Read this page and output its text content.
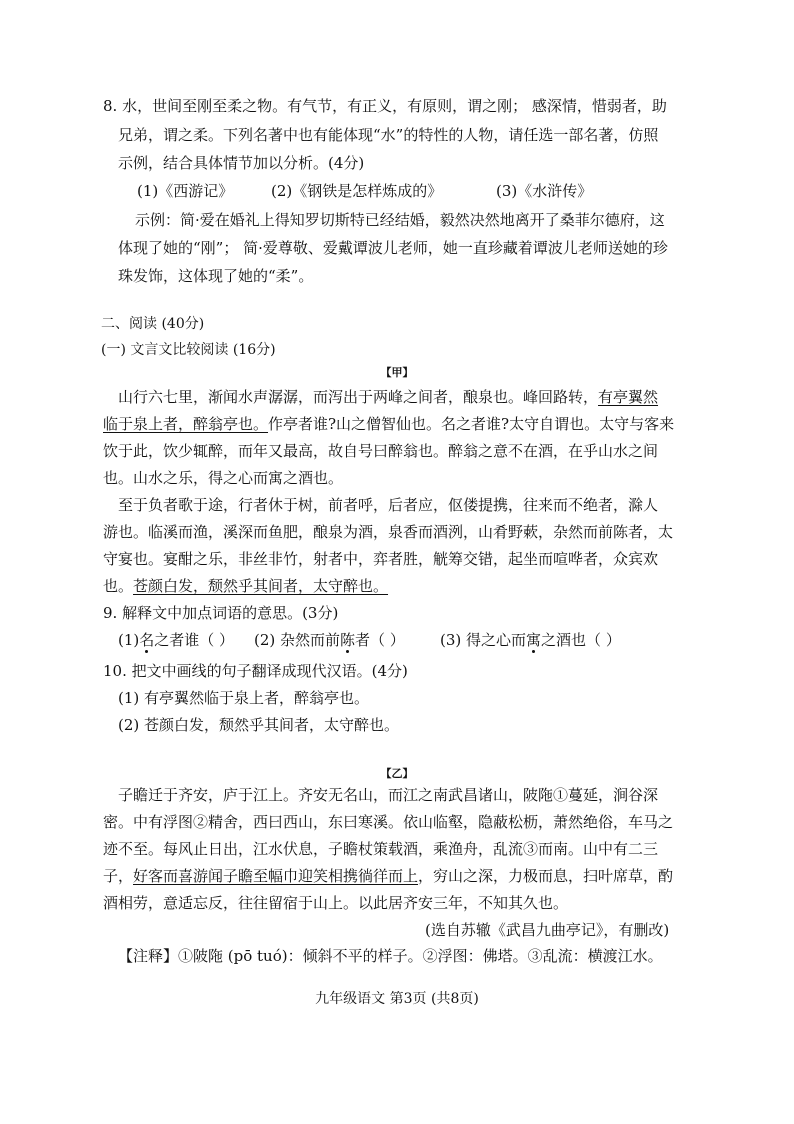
8. 水，世间至刚至柔之物。有气节，有正义，有原则，谓之刚； 感深情，惜弱者，助
兄弟，谓之柔。下列名著中也有能体现“水”的特性的人物，请任选一部名著，仿照
示例，结合具体情节加以分析。(4分)
(1)《西游记》	(2)《钢铁是怎样炼成的》	(3)《水浒传》
示例：简·爱在婚礼上得知罗切斯特已经结婚，毅然决然地离开了桑菲尔德府，这
体现了她的“刚”； 简·爱尊敬、爱戴谭波儿老师，她一直珍藏着谭波儿老师送她的珍
珠发饰，这体现了她的“柔”。
二、阅读 (40分)
(一) 文言文比较阅读 (16分)
【甲】
山行六七里，渐闻水声潺潺，而泻出于两峰之间者，酿泉也。峰回路转，有亭翼然
临于泉上者，醉翁亭也。作亭者谁?山之僧智仙也。名之者谁?太守自谓也。太守与客来
饮于此，饮少辄醉，而年又最高，故自号曰醉翁也。醉翁之意不在酒，在乎山水之间
也。山水之乐，得之心而寓之酒也。
至于负者歌于途，行者休于树，前者呼，后者应，伛偻提携，往来而不绝者，滁人
游也。临溪而渔，溪深而鱼肥，酿泉为酒，泉香而酒洌，山肴野蔌，杂然而前陈者，太
守宴也。宴酣之乐，非丝非竹，射者中，弈者胜，觥筹交错，起坐而喧哗者，众宾欢
也。苍颜白发，颓然乎其间者，太守醉也。
9. 解释文中加点词语的意思。(3分)
(1)名之者谁（ ） (2) 杂然而前陈者（ ） (3) 得之心而寓之酒也（ ）
10. 把文中画线的句子翻译成现代汉语。(4分)
(1) 有亭翼然临于泉上者，醉翁亭也。
(2) 苍颜白发，颓然乎其间者，太守醉也。
【乙】
子瞻迁于齐安，庐于江上。齐安无名山，而江之南武昌诸山，陂陁①蔓延，涧谷深
密。中有浮图②精舍，西曰西山，东曰寒溪。依山临壑，隐蔽松枥，萧然绝俗，车马之
迹不至。每风止日出，江水伏息，子瞻杖策载酒，乘渔舟，乱流③而南。山中有二三
子，好客而喜游闻子瞻至幅巾迎笑相携徜徉而上，穷山之深，力极而息，扫叶席草，酌
酒相劳，意适忘反，往往留宿于山上。以此居齐安三年，不知其久也。
(选自苏辙《武昌九曲亭记》，有删改)
【注释】①陂陁 (pō tuó)：倾斜不平的样子。②浮图：佛塔。③乱流：横渡江水。
九年级语文 第3页 (共8页)
